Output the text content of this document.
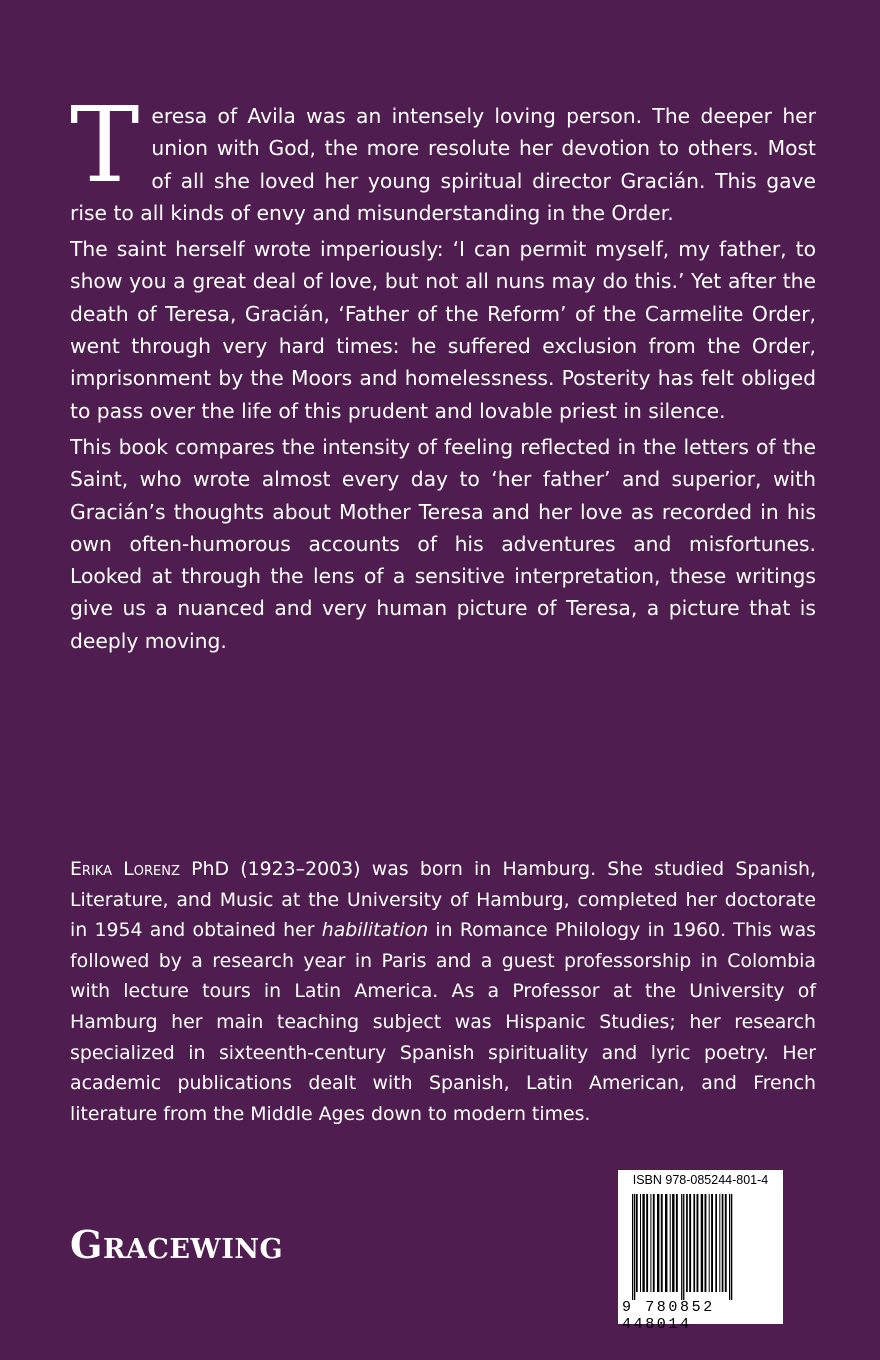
Teresa of Avila was an intensely loving person. The deeper her union with God, the more resolute her devotion to others. Most of all she loved her young spiritual director Gracián. This gave rise to all kinds of envy and misunderstanding in the Order.

The saint herself wrote imperiously: ‘I can permit myself, my father, to show you a great deal of love, but not all nuns may do this.’ Yet after the death of Teresa, Gracián, ‘Father of the Reform’ of the Carmelite Order, went through very hard times: he suffered exclusion from the Order, imprisonment by the Moors and homelessness. Posterity has felt obliged to pass over the life of this prudent and lovable priest in silence.

This book compares the intensity of feeling reflected in the letters of the Saint, who wrote almost every day to ‘her father’ and superior, with Gracián’s thoughts about Mother Teresa and her love as recorded in his own often-humorous accounts of his adventures and misfortunes. Looked at through the lens of a sensitive interpretation, these writings give us a nuanced and very human picture of Teresa, a picture that is deeply moving.

Erika Lorenz PhD (1923–2003) was born in Hamburg. She studied Spanish, Literature, and Music at the University of Hamburg, completed her doctorate in 1954 and obtained her habilitation in Romance Philology in 1960. This was followed by a research year in Paris and a guest professorship in Colombia with lecture tours in Latin America. As a Professor at the University of Hamburg her main teaching subject was Hispanic Studies; her research specialized in sixteenth-century Spanish spirituality and lyric poetry. Her academic publications dealt with Spanish, Latin American, and French literature from the Middle Ages down to modern times.

Gracewing
ISBN 978-085244-801-4
9 780852 448014
